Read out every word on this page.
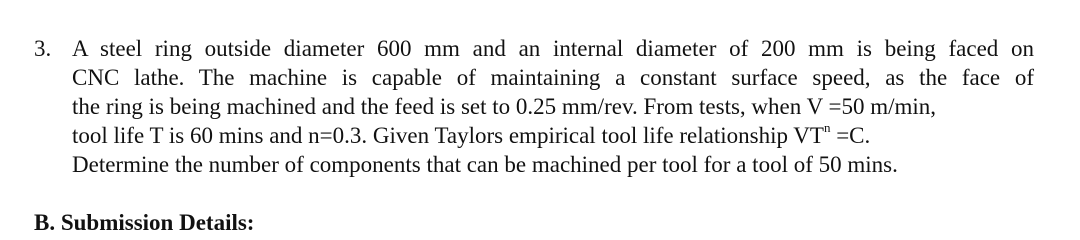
3. A steel ring outside diameter 600 mm and an internal diameter of 200 mm is being faced on
CNC lathe. The machine is capable of maintaining a constant surface speed, as the face of
the ring is being machined and the feed is set to 0.25 mm/rev. From tests, when V =50 m/min,
tool life T is 60 mins and n=0.3. Given Taylors empirical tool life relationship $VT^n =C$.
Determine the number of components that can be machined per tool for a tool of 50 mins.
B. Submission Details:
